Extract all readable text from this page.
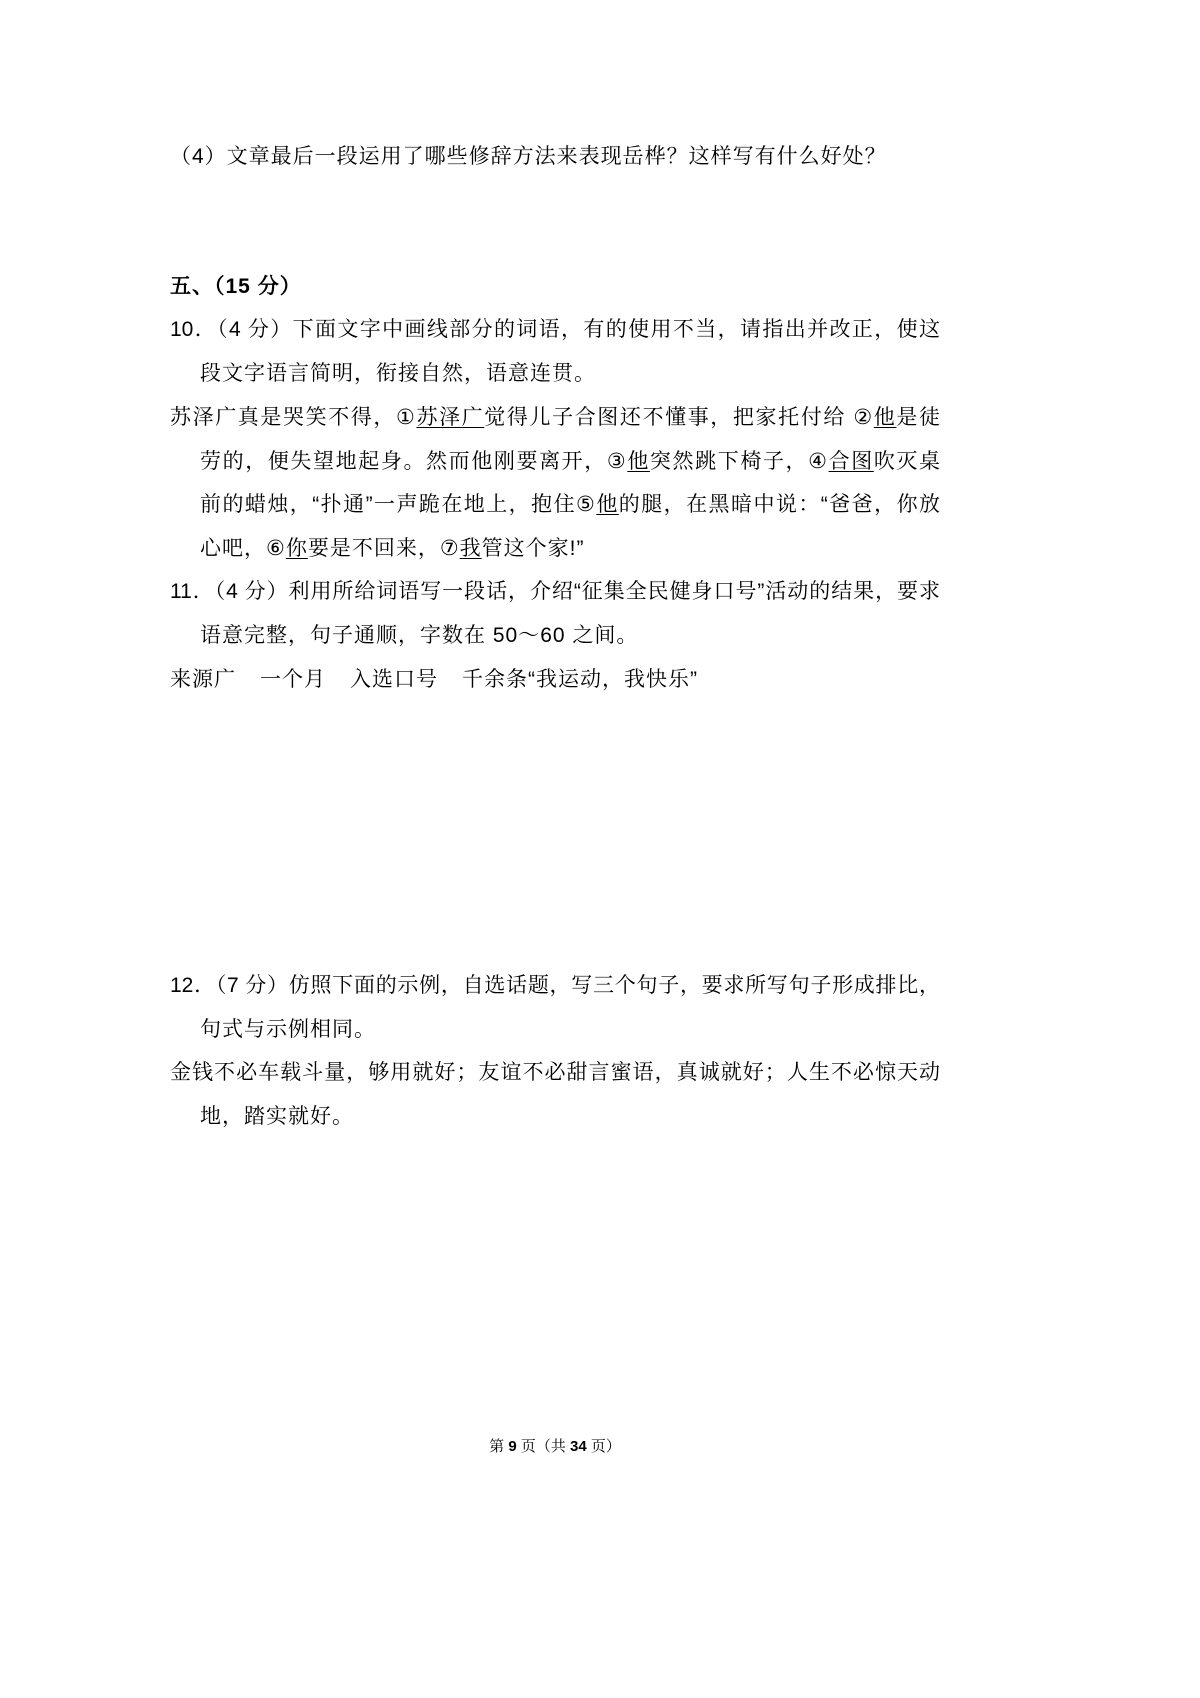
（4）文章最后一段运用了哪些修辞方法来表现岳桦？这样写有什么好处？
五、（15 分）
10．（4 分）下面文字中画线部分的词语，有的使用不当，请指出并改正，使这
段文字语言简明，衔接自然，语意连贯。
苏泽广真是哭笑不得，①苏泽广觉得儿子合图还不懂事，把家托付给 ②他是徒
劳的，便失望地起身。然而他刚要离开，③他突然跳下椅子，④合图吹灭桌
前的蜡烛，“扑通”一声跪在地上，抱住⑤他的腿，在黑暗中说：“爸爸，你放
心吧，⑥你要是不回来，⑦我管这个家!”
11．（4 分）利用所给词语写一段话，介绍“征集全民健身口号”活动的结果，要求
语意完整，句子通顺，字数在 50～60 之间。
来源广 一个月 入选口号 千余条“我运动，我快乐”
12．（7 分）仿照下面的示例，自选话题，写三个句子，要求所写句子形成排比，
句式与示例相同。
金钱不必车载斗量，够用就好；友谊不必甜言蜜语，真诚就好；人生不必惊天动
地，踏实就好。
第 9 页（共 34 页）
